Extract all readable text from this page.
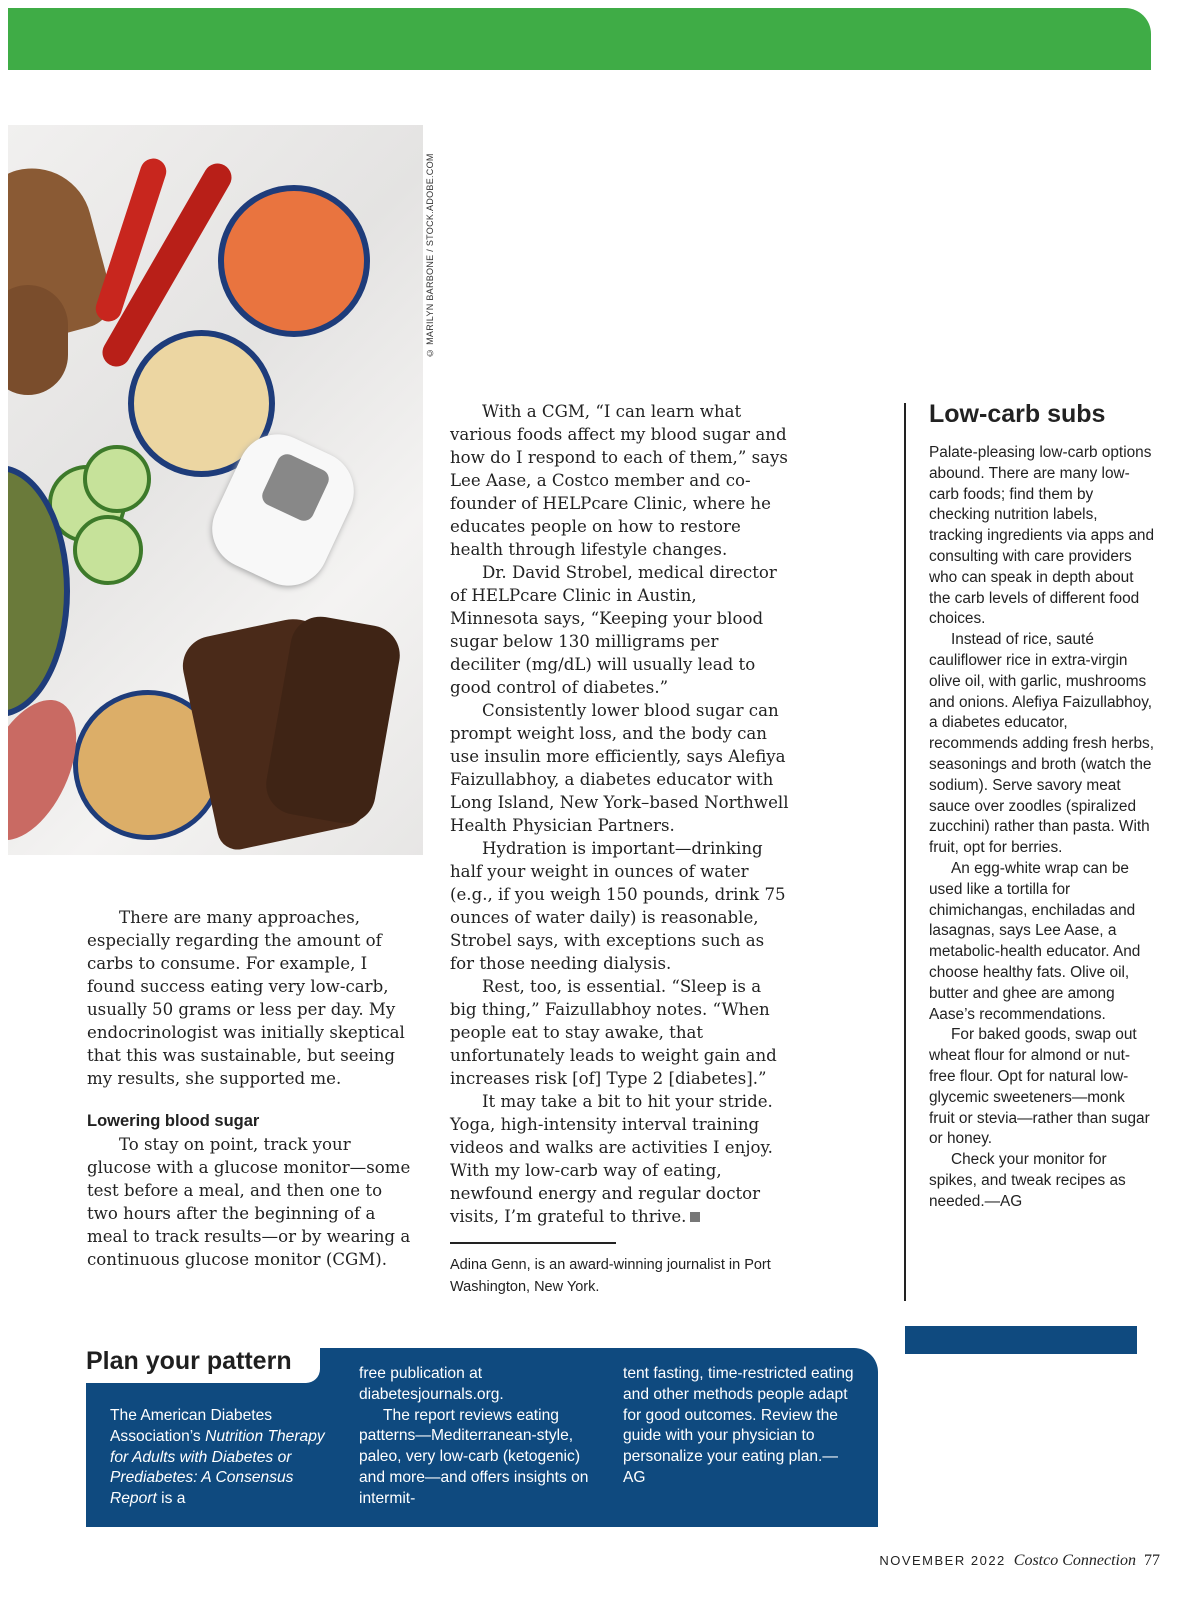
© MARILYN BARBONE / STOCK.ADOBE.COM

There are many approaches, especially regarding the amount of carbs to consume. For example, I found success eating very low-carb, usually 50 grams or less per day. My endocrinologist was initially skeptical that this was sustainable, but seeing my results, she supported me.

Lowering blood sugar

To stay on point, track your glucose with a glucose monitor—some test before a meal, and then one to two hours after the beginning of a meal to track results—or by wearing a continuous glucose monitor (CGM).

With a CGM, “I can learn what various foods affect my blood sugar and how do I respond to each of them,” says Lee Aase, a Costco member and co-founder of HELPcare Clinic, where he educates people on how to restore health through lifestyle changes.

Dr. David Strobel, medical director of HELPcare Clinic in Austin, Minnesota says, “Keeping your blood sugar below 130 milligrams per deciliter (mg/dL) will usually lead to good control of diabetes.”

Consistently lower blood sugar can prompt weight loss, and the body can use insulin more efficiently, says Alefiya Faizullabhoy, a diabetes educator with Long Island, New York–based Northwell Health Physician Partners.

Hydration is important—drinking half your weight in ounces of water (e.g., if you weigh 150 pounds, drink 75 ounces of water daily) is reasonable, Strobel says, with exceptions such as for those needing dialysis.

Rest, too, is essential. “Sleep is a big thing,” Faizullabhoy notes. “When people eat to stay awake, that unfortunately leads to weight gain and increases risk [of] Type 2 [diabetes].”

It may take a bit to hit your stride. Yoga, high-intensity interval training videos and walks are activities I enjoy. With my low-carb way of eating, newfound energy and regular doctor visits, I’m grateful to thrive.

Adina Genn, is an award-winning journalist in Port Washington, New York.
Low-carb subs

Palate-pleasing low-carb options abound. There are many low-carb foods; find them by checking nutrition labels, tracking ingredients via apps and consulting with care providers who can speak in depth about the carb levels of different food choices.

Instead of rice, sauté cauliflower rice in extra-virgin olive oil, with garlic, mushrooms and onions. Alefiya Faizullabhoy, a diabetes educator, recommends adding fresh herbs, seasonings and broth (watch the sodium). Serve savory meat sauce over zoodles (spiralized zucchini) rather than pasta. With fruit, opt for berries.

An egg-white wrap can be used like a tortilla for chimichangas, enchiladas and lasagnas, says Lee Aase, a metabolic-health educator. And choose healthy fats. Olive oil, butter and ghee are among Aase’s recommendations.

For baked goods, swap out wheat flour for almond or nut-free flour. Opt for natural low-glycemic sweeteners—monk fruit or stevia—rather than sugar or honey.

Check your monitor for spikes, and tweak recipes as needed.—AG

Plan your pattern

The American Diabetes Association’s Nutrition Therapy for Adults with Diabetes or Prediabetes: A Consensus Report is a

free publication at diabetesjournals.org.

The report reviews eating patterns—Mediterranean-style, paleo, very low-carb (ketogenic) and more—and offers insights on intermit-

tent fasting, time-restricted eating and other methods people adapt for good outcomes. Review the guide with your physician to personalize your eating plan.—AG

NOVEMBER 2022 Costco Connection 77
